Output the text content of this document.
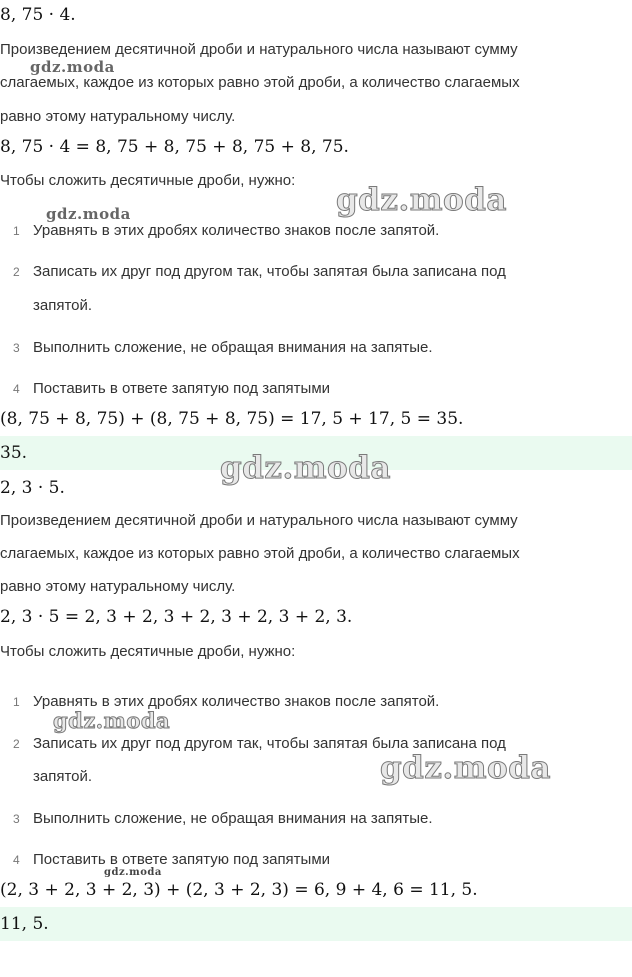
8, 75 · 4.
Произведением десятичной дроби и натурального числа называют сумму
слагаемых, каждое из которых равно этой дроби, а количество слагаемых
равно этому натуральному числу.
8, 75 · 4 = 8, 75 + 8, 75 + 8, 75 + 8, 75.
Чтобы сложить десятичные дроби, нужно:
1 Уравнять в этих дробях количество знаков после запятой.
2 Записать их друг под другом так, чтобы запятая была записана под
запятой.
3 Выполнить сложение, не обращая внимания на запятые.
4 Поставить в ответе запятую под запятыми
(8, 75 + 8, 75) + (8, 75 + 8, 75) = 17, 5 + 17, 5 = 35.
35.
2, 3 · 5.
Произведением десятичной дроби и натурального числа называют сумму
слагаемых, каждое из которых равно этой дроби, а количество слагаемых
равно этому натуральному числу.
2, 3 · 5 = 2, 3 + 2, 3 + 2, 3 + 2, 3 + 2, 3.
Чтобы сложить десятичные дроби, нужно:
1 Уравнять в этих дробях количество знаков после запятой.
2 Записать их друг под другом так, чтобы запятая была записана под
запятой.
3 Выполнить сложение, не обращая внимания на запятые.
4 Поставить в ответе запятую под запятыми
(2, 3 + 2, 3 + 2, 3) + (2, 3 + 2, 3) = 6, 9 + 4, 6 = 11, 5.
11, 5.
gdz.moda
gdz.moda
gdz.moda
gdz.moda
gdz.moda
gdz.moda
gdz.moda
